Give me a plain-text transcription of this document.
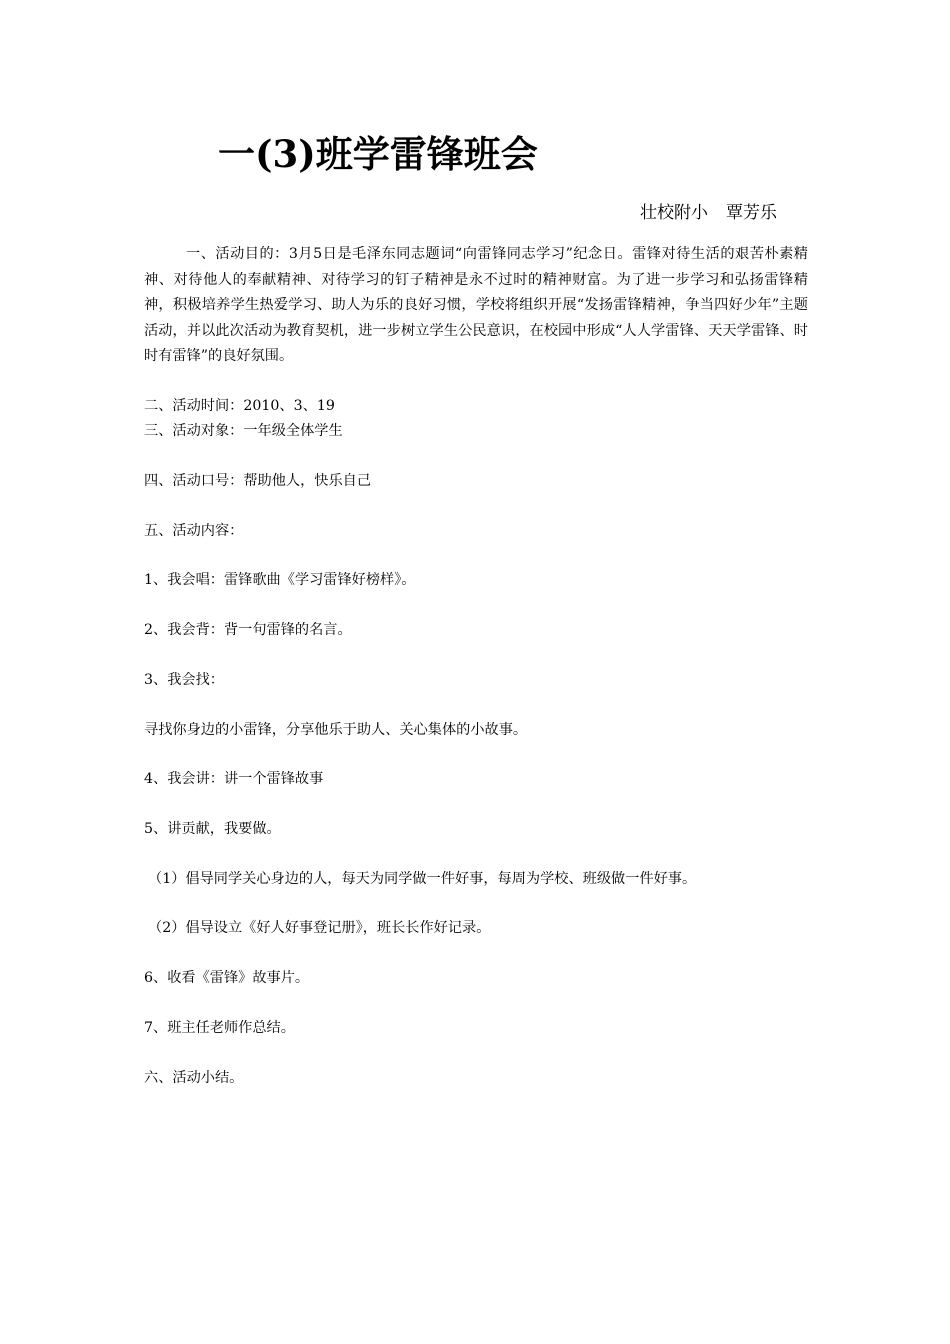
一(3)班学雷锋班会
壮校附小 覃芳乐
一、活动目的：3月5日是毛泽东同志题词“向雷锋同志学习”纪念日。雷锋对待生活的艰苦朴素精神、对待他人的奉献精神、对待学习的钉子精神是永不过时的精神财富。为了进一步学习和弘扬雷锋精神，积极培养学生热爱学习、助人为乐的良好习惯，学校将组织开展“发扬雷锋精神，争当四好少年”主题活动，并以此次活动为教育契机，进一步树立学生公民意识，在校园中形成“人人学雷锋、天天学雷锋、时时有雷锋”的良好氛围。
二、活动时间：2010、3、19
三、活动对象：一年级全体学生
四、活动口号：帮助他人，快乐自己
五、活动内容：
1、我会唱：雷锋歌曲《学习雷锋好榜样》。
2、我会背：背一句雷锋的名言。
3、我会找：
寻找你身边的小雷锋，分享他乐于助人、关心集体的小故事。
4、我会讲：讲一个雷锋故事
5、讲贡献，我要做。
（1）倡导同学关心身边的人，每天为同学做一件好事，每周为学校、班级做一件好事。
（2）倡导设立《好人好事登记册》，班长长作好记录。
6、收看《雷锋》故事片。
7、班主任老师作总结。
六、活动小结。
